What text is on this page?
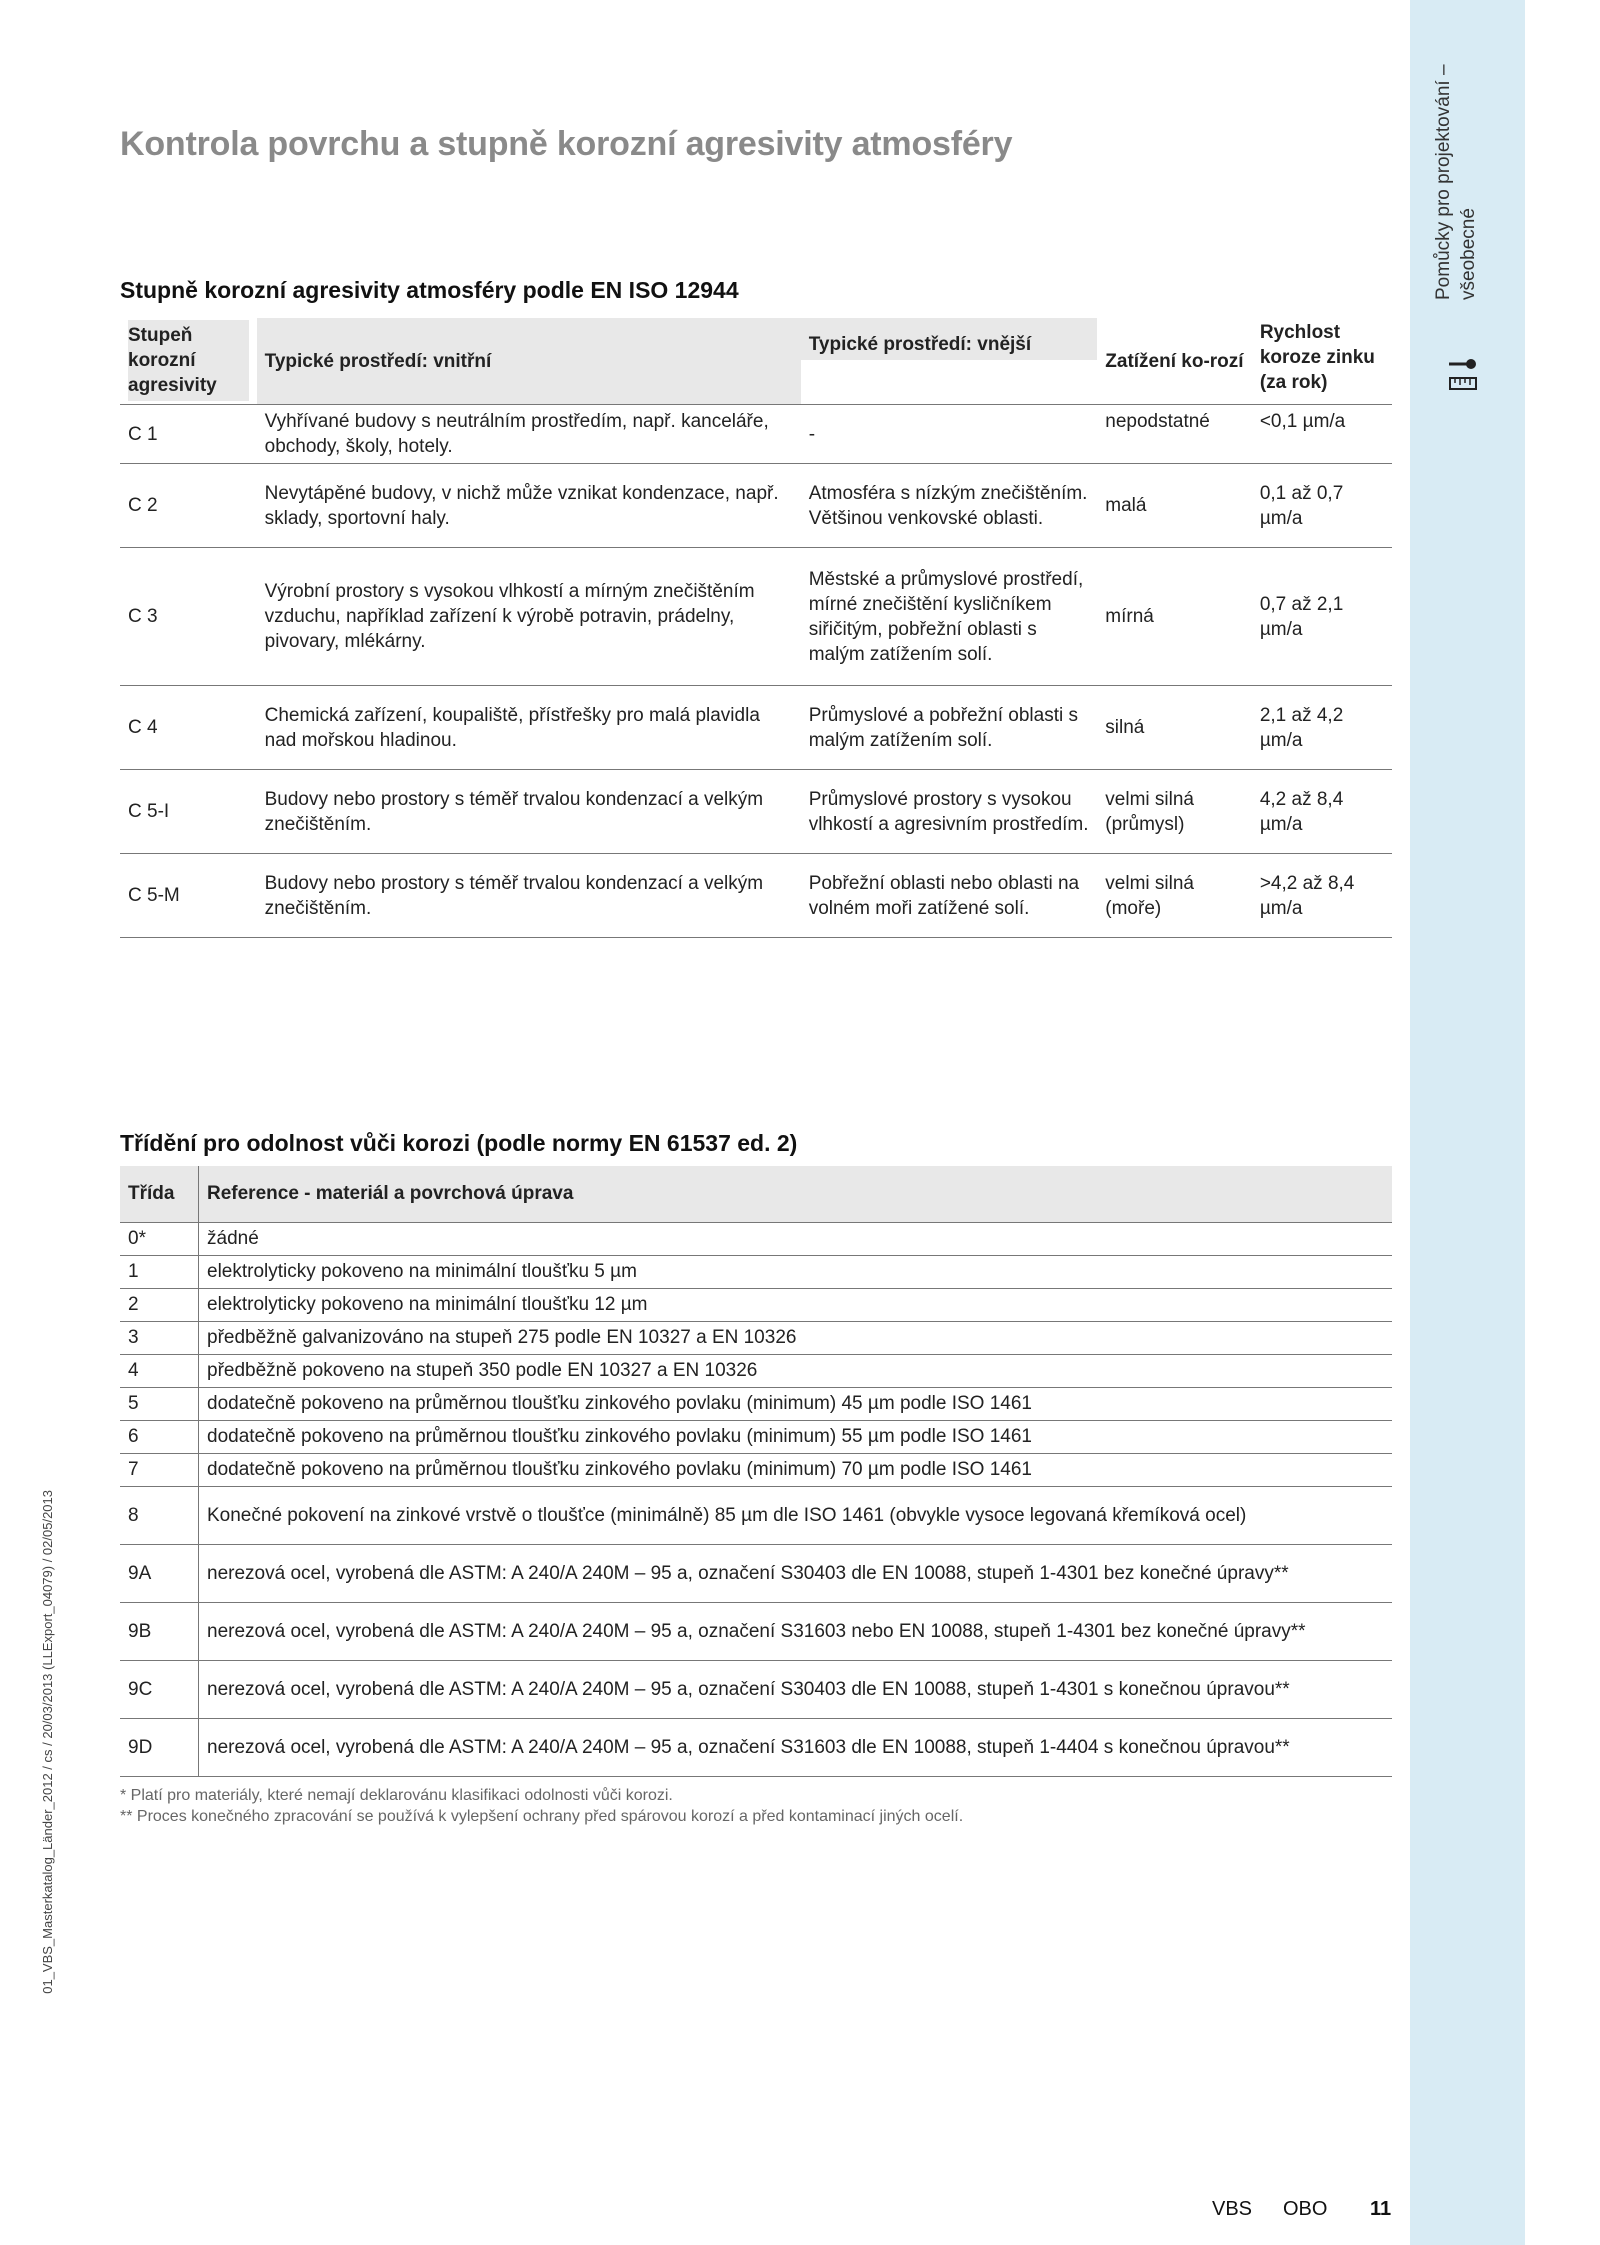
Pomůcky pro projektování – všeobecné
01_VBS_Masterkatalog_Länder_2012 / cs / 20/03/2013 (LLExport_04079) / 02/05/2013
Kontrola povrchu a stupně korozní agresivity atmosféry
Stupně korozní agresivity atmosféry podle EN ISO 12944
Stupeň korozní agresivity	Typické prostředí: vnitřní	Typické prostředí: vnější	Zatížení ko-rozí	Rychlost koroze zinku (za rok)
C 1	Vyhřívané budovy s neutrálním prostředím, např. kanceláře, obchody, školy, hotely.	-	nepodstatné	<0,1 µm/a
C 2	Nevytápěné budovy, v nichž může vznikat kondenzace, např. sklady, sportovní haly.	Atmosféra s nízkým znečištěním. Většinou venkovské oblasti.	malá	0,1 až 0,7 µm/a
C 3	Výrobní prostory s vysokou vlhkostí a mírným znečištěním vzduchu, například zařízení k výrobě potravin, prádelny, pivovary, mlékárny.	Městské a průmyslové prostředí, mírné znečištění kysličníkem siřičitým, pobřežní oblasti s malým zatížením solí.	mírná	0,7 až 2,1 µm/a
C 4	Chemická zařízení, koupaliště, přístřešky pro malá plavidla nad mořskou hladinou.	Průmyslové a pobřežní oblasti s malým zatížením solí.	silná	2,1 až 4,2 µm/a
C 5-I	Budovy nebo prostory s téměř trvalou kondenzací a velkým znečištěním.	Průmyslové prostory s vysokou vlhkostí a agresivním prostředím.	velmi silná (průmysl)	4,2 až 8,4 µm/a
C 5-M	Budovy nebo prostory s téměř trvalou kondenzací a velkým znečištěním.	Pobřežní oblasti nebo oblasti na volném moři zatížené solí.	velmi silná (moře)	>4,2 až 8,4 µm/a
Třídění pro odolnost vůči korozi (podle normy EN 61537 ed. 2)
Třída	Reference - materiál a povrchová úprava
0*	žádné
1	elektrolyticky pokoveno na minimální tloušťku 5 µm
2	elektrolyticky pokoveno na minimální tloušťku 12 µm
3	předběžně galvanizováno na stupeň 275 podle EN 10327 a EN 10326
4	předběžně pokoveno na stupeň 350 podle EN 10327 a EN 10326
5	dodatečně pokoveno na průměrnou tloušťku zinkového povlaku (minimum) 45 µm podle ISO 1461
6	dodatečně pokoveno na průměrnou tloušťku zinkového povlaku (minimum) 55 µm podle ISO 1461
7	dodatečně pokoveno na průměrnou tloušťku zinkového povlaku (minimum) 70 µm podle ISO 1461
8	Konečné pokovení na zinkové vrstvě o tloušťce (minimálně) 85 µm dle ISO 1461 (obvykle vysoce legovaná křemíková ocel)
9A	nerezová ocel, vyrobená dle ASTM: A 240/A 240M – 95 a, označení S30403 dle EN 10088, stupeň 1-4301 bez konečné úpravy**
9B	nerezová ocel, vyrobená dle ASTM: A 240/A 240M – 95 a, označení S31603 nebo EN 10088, stupeň 1-4301 bez konečné úpravy**
9C	nerezová ocel, vyrobená dle ASTM: A 240/A 240M – 95 a, označení S30403 dle EN 10088, stupeň 1-4301 s konečnou úpravou**
9D	nerezová ocel, vyrobená dle ASTM: A 240/A 240M – 95 a, označení S31603 dle EN 10088, stupeň 1-4404 s konečnou úpravou**
* Platí pro materiály, které nemají deklarovánu klasifikaci odolnosti vůči korozi.
** Proces konečného zpracování se používá k vylepšení ochrany před spárovou korozí a před kontaminací jiných ocelí.
VBS OBO 11
